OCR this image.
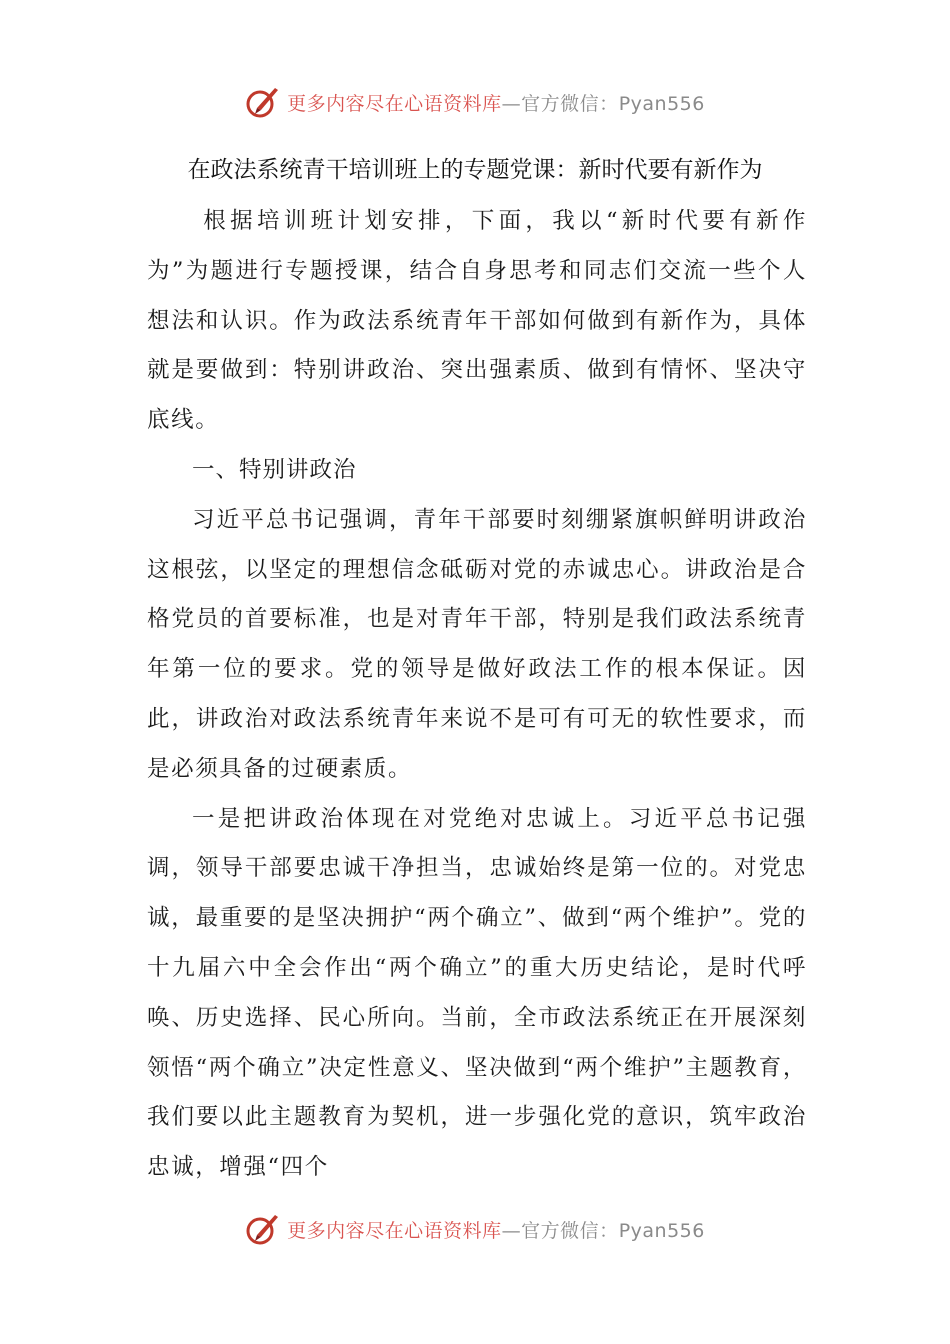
更多内容尽在心语资料库—官方微信：Pyan556
在政法系统青干培训班上的专题党课：新时代要有新作为

根据培训班计划安排，下面，我以“新时代要有新作为”为题进行专题授课，结合自身思考和同志们交流一些个人想法和认识。作为政法系统青年干部如何做到有新作为，具体就是要做到：特别讲政治、突出强素质、做到有情怀、坚决守底线。

一、特别讲政治

习近平总书记强调，青年干部要时刻绷紧旗帜鲜明讲政治这根弦，以坚定的理想信念砥砺对党的赤诚忠心。讲政治是合格党员的首要标准，也是对青年干部，特别是我们政法系统青年第一位的要求。党的领导是做好政法工作的根本保证。因此，讲政治对政法系统青年来说不是可有可无的软性要求，而是必须具备的过硬素质。

一是把讲政治体现在对党绝对忠诚上。习近平总书记强调，领导干部要忠诚干净担当，忠诚始终是第一位的。对党忠诚，最重要的是坚决拥护“两个确立”、做到“两个维护”。党的十九届六中全会作出“两个确立”的重大历史结论，是时代呼唤、历史选择、民心所向。当前，全市政法系统正在开展深刻领悟“两个确立”决定性意义、坚决做到“两个维护”主题教育，我们要以此主题教育为契机，进一步强化党的意识，筑牢政治忠诚，增强“四个

更多内容尽在心语资料库—官方微信：Pyan556
